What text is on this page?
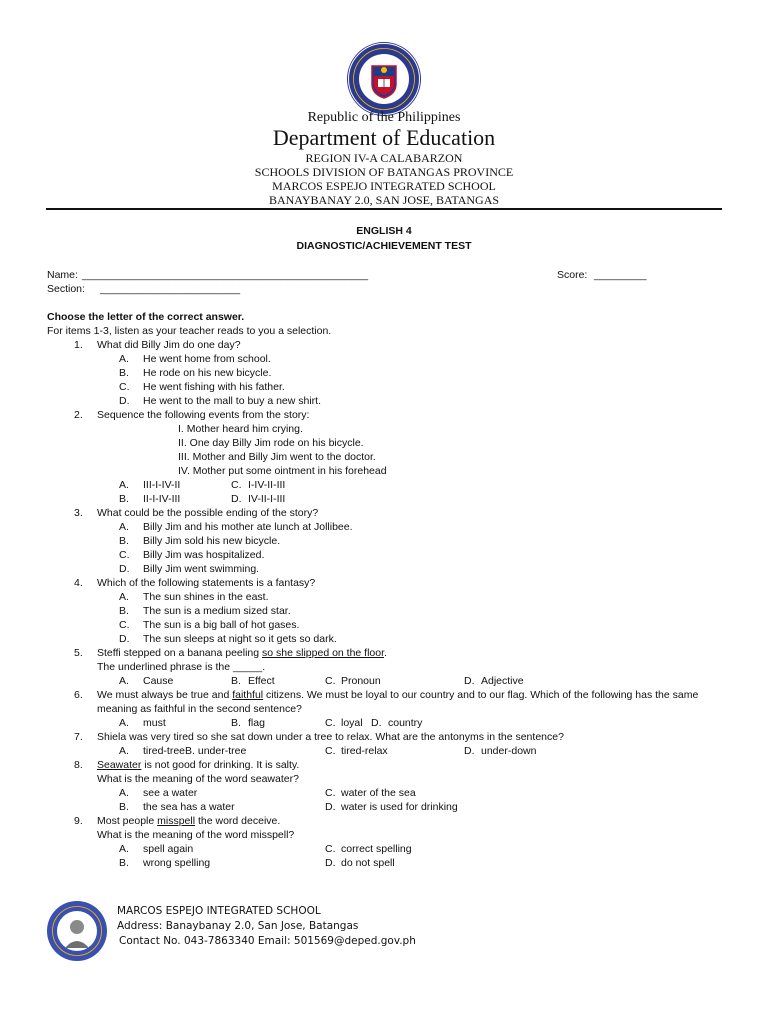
Republic of the Philippines
Department of Education
REGION IV-A CALABARZON
SCHOOLS DIVISION OF BATANGAS PROVINCE
MARCOS ESPEJO INTEGRATED SCHOOL
BANAYBANAY 2.0, SAN JOSE, BATANGAS
ENGLISH 4
DIAGNOSTIC/ACHIEVEMENT TEST
Name: _________________________________________________	Score: _________
Section: ________________________
Choose the letter of the correct answer.
For items 1-3, listen as your teacher reads to you a selection.
1. What did Billy Jim do one day?
A. He went home from school.
B. He rode on his new bicycle.
C. He went fishing with his father.
D. He went to the mall to buy a new shirt.
2. Sequence the following events from the story:
I. Mother heard him crying.
II. One day Billy Jim rode on his bicycle.
III. Mother and Billy Jim went to the doctor.
IV. Mother put some ointment in his forehead
A. III-I-IV-II	C. I-IV-II-III
B. II-I-IV-III	D. IV-II-I-III
3. What could be the possible ending of the story?
A. Billy Jim and his mother ate lunch at Jollibee.
B. Billy Jim sold his new bicycle.
C. Billy Jim was hospitalized.
D. Billy Jim went swimming.
4. Which of the following statements is a fantasy?
A. The sun shines in the east.
B. The sun is a medium sized star.
C. The sun is a big ball of hot gases.
D. The sun sleeps at night so it gets so dark.
5. Steffi stepped on a banana peeling so she slipped on the floor.
The underlined phrase is the _____.
A. Cause	B. Effect	C. Pronoun	D. Adjective
6. We must always be true and faithful citizens. We must be loyal to our country and to our flag. Which of the following has the same
meaning as faithful in the second sentence?
A. must	B. flag	C. loyal D. country
7. Shiela was very tired so she sat down under a tree to relax. What are the antonyms in the sentence?
A. tired-treeB. under-tree	C. tired-relax	D. under-down
8. Seawater is not good for drinking. It is salty.
What is the meaning of the word seawater?
A. see a water	C. water of the sea
B. the sea has a water	D. water is used for drinking
9. Most people misspell the word deceive.
What is the meaning of the word misspell?
A. spell again	C. correct spelling
B. wrong spelling	D. do not spell
MARCOS ESPEJO INTEGRATED SCHOOL
Address: Banaybanay 2.0, San Jose, Batangas
Contact No. 043-7863340 Email: 501569@deped.gov.ph
